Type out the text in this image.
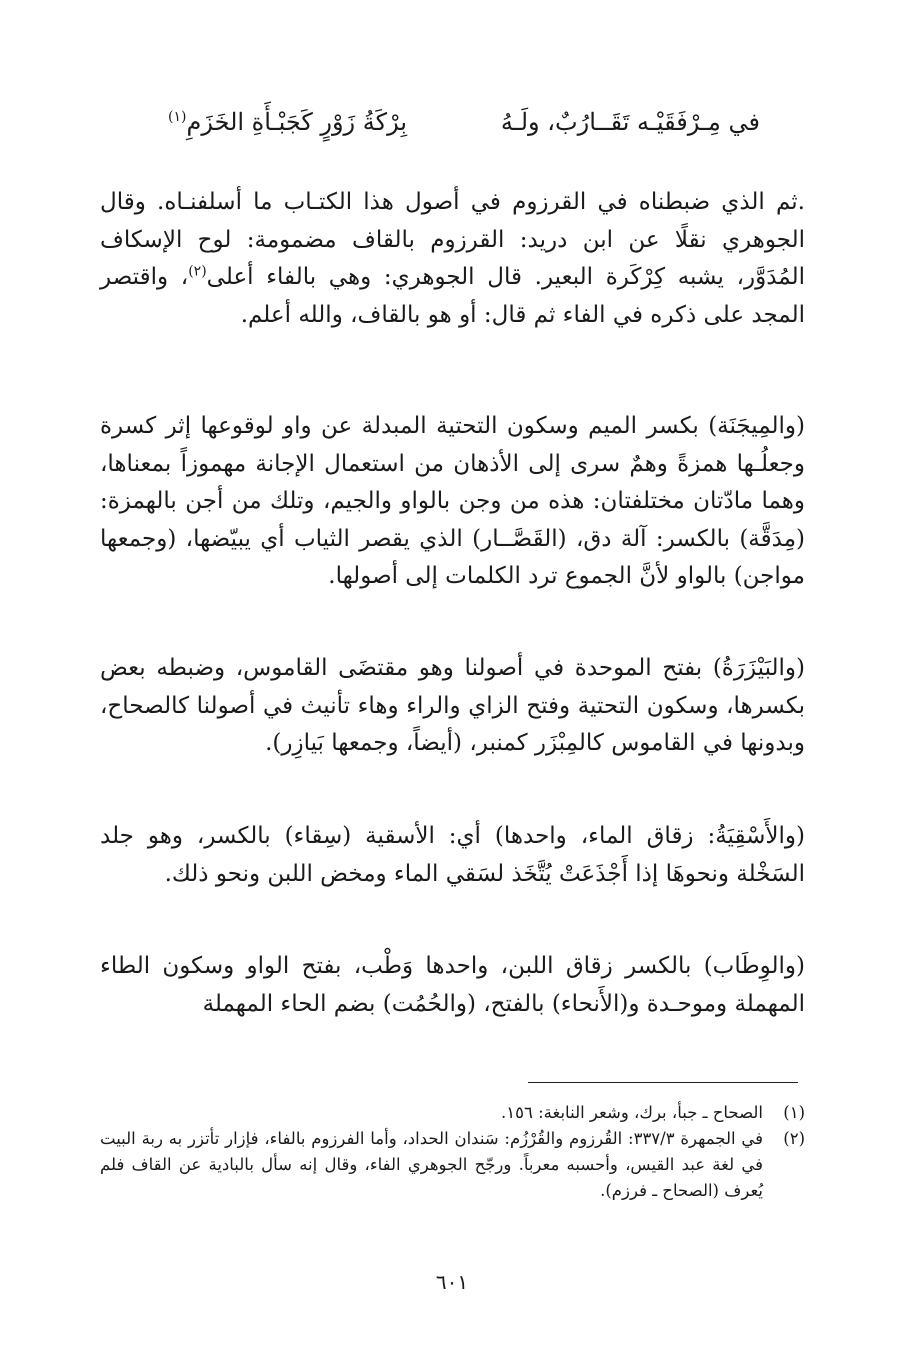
في مِـرْفَقَيْـه تَقَــارُبٌ، ولَـهُ
بِرْكَةُ زَوْرٍ كَجَبْـأَةِ الخَزَمِ$^{(١)}$
.ثم الذي ضبطناه في القرزوم في أصول هذا الكتـاب ما أسلفنـاه. وقال الجوهري نقلًا عن ابن دريد: القرزوم بالقاف مضمومة: لوح الإسكاف المُدَوَّر، يشبه كِرْكَرة البعير. قال الجوهري: وهي بالفاء أعلى$^{(٢)}$، واقتصر المجد على ذكره في الفاء ثم قال: أو هو بالقاف، والله أعلم.
(والمِيجَنَة) بكسر الميم وسكون التحتية المبدلة عن واو لوقوعها إثر كسرة وجعلُـها همزةً وهمٌ سرى إلى الأذهان من استعمال الإجانة مهموزاً بمعناها، وهما مادّتان مختلفتان: هذه من وجن بالواو والجيم، وتلك من أجن بالهمزة: (مِدَقَّة) بالكسر: آلة دق، (القَصَّــار) الذي يقصر الثياب أي يبيّضها، (وجمعها مواجن) بالواو لأنَّ الجموع ترد الكلمات إلى أصولها.
(والبَيْزَرَةُ) بفتح الموحدة في أصولنا وهو مقتضَى القاموس، وضبطه بعض بكسرها، وسكون التحتية وفتح الزاي والراء وهاء تأنيث في أصولنا كالصحاح، وبدونها في القاموس كالمِبْزَر كمنبر، (أيضاً، وجمعها بَيازِر).
(والأَسْقِيَةُ: زقاق الماء، واحدها) أي: الأسقية (سِقاء) بالكسر، وهو جلد السَخْلة ونحوهَا إذا أَجْذَعَتْ يُتَّخَذ لسَقي الماء ومخض اللبن ونحو ذلك.
(والوِطَاب) بالكسر زقاق اللبن، واحدها وَطْب، بفتح الواو وسكون الطاء المهملة وموحـدة و(الأَنحاء) بالفتح، (والحُمُت) بضم الحاء المهملة
(١)
الصحاح ـ جبأ، برك، وشعر النابغة: ١٥٦.
(٢)
في الجمهرة ٣٣٧/٣: القُرزوم والقُرْزُم: سَندان الحداد، وأما الفرزوم بالفاء، فإزار تأتزر به ربة البيت في لغة عبد القيس، وأحسبه معرباً. ورجّح الجوهري الفاء، وقال إنه سأل بالبادية عن القاف فلم يُعرف (الصحاح ـ فرزم).
٦٠١
